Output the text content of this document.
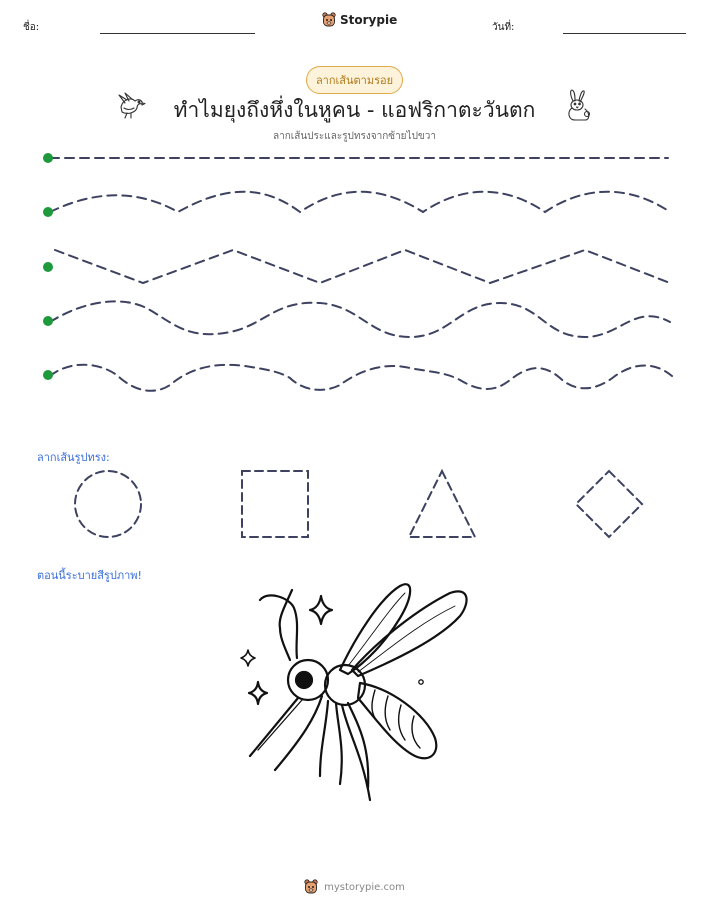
ชื่อ:
Storypie
วันที่:
ลากเส้นตามรอย
ทำไมยุงถึงหึ่งในหูคน - แอฟริกาตะวันตก
ลากเส้นประและรูปทรงจากซ้ายไปขวา
ลากเส้นรูปทรง:
ตอนนี้ระบายสีรูปภาพ!
mystorypie.com
